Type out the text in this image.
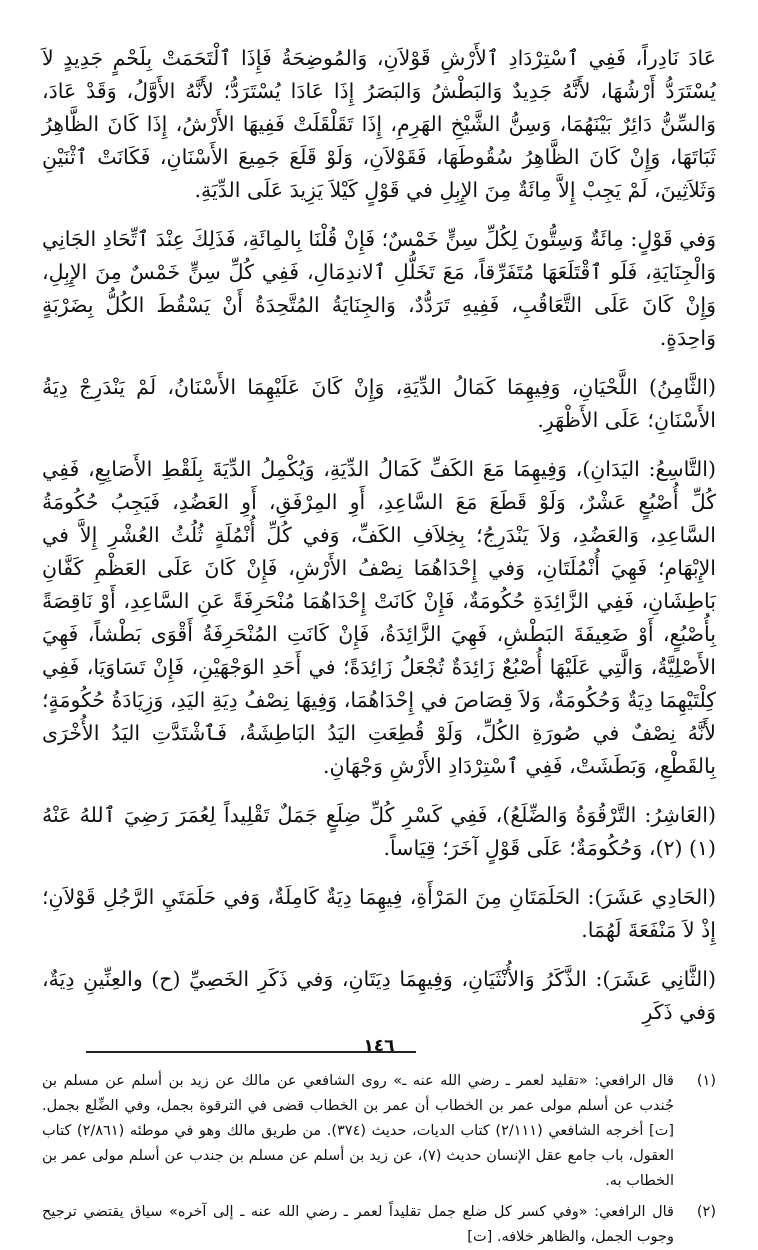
عَادَ نَادِراً، فَفِي ٱسْتِرْدَادِ ٱلأَرْشِ قَوْلاَنِ، وَالمُوضِحَةُ فَإِذَا ٱلْتَحَمَتْ بِلَحْمٍ جَدِيدٍ لاَ يُسْتَرَدُّ أَرْشُهَا، لأَنَّهُ جَدِيدٌ وَالبَطْشُ وَالبَصَرُ إِذَا عَادَا يُسْتَرَدُّ؛ لأَنَّهُ الأَوَّلُ، وَقَدْ عَادَ، وَالسِّنُّ دَائِرٌ بَيْنَهُمَا، وَسِنُّ الشَّيْخِ الهَرِمِ، إِذَا تَقَلْقَلَتْ فَفِيهَا الأَرْشُ، إِذَا كَانَ الظَّاهِرُ ثَبَاتَهَا، وَإِنْ كَانَ الظَّاهِرُ سُقُوطَهَا، فَقَوْلاَنِ، وَلَوْ قَلَعَ جَمِيعَ الأَسْنَانِ، فَكَانَتْ ٱثْنَيْنِ وَثَلاَثِينَ، لَمْ يَجِبْ إِلاَّ مِائَةٌ مِنَ الإِبِلِ في قَوْلٍ كَيْلاَ يَزِيدَ عَلَى الدِّيَةِ.

وَفي قَوْلٍ: مِائَةٌ وَسِتُّونَ لِكُلِّ سِنٍّ خَمْسٌ؛ فَإِنْ قُلْنَا بِالمِائَةِ، فَذَلِكَ عِنْدَ ٱتِّحَادِ الجَانِي وَالْجِنَايَةِ، فَلَو ٱقْتَلَعَهَا مُتَفَرِّقاً، مَعَ تَخَلُّلِ ٱلاندِمَالِ، فَفِي كُلِّ سِنٍّ خَمْسٌ مِنَ الإِبِلِ، وَإِنْ كَانَ عَلَى التَّعَاقُبِ، فَفِيهِ تَرَدُّدٌ، وَالجِنَايَةُ المُتَّحِدَةُ أَنْ يَسْقُطَ الكُلُّ بِضَرْبَةٍ وَاحِدَةٍ.

(الثَّامِنُ) اللَّحْيَانِ، وَفِيهِمَا كَمَالُ الدِّيَةِ، وَإِنْ كَانَ عَلَيْهِمَا الأَسْنَانُ، لَمْ يَنْدَرِجْ دِيَةُ الأَسْنَانِ؛ عَلَى الأَظْهَرِ.

(التَّاسِعُ: اليَدَانِ)، وَفِيهِمَا مَعَ الكَفِّ كَمَالُ الدِّيَةِ، وَيُكْمِلُ الدِّيَةَ بِلَقْطِ الأَصَابِعِ، فَفِي كُلِّ أُصْبُعٍ عَشْرٌ، وَلَوْ قَطَعَ مَعَ السَّاعِدِ، أَوِ المِرْفَقِ، أَوِ العَضُدِ، فَيَجِبُ حُكُومَةُ السَّاعِدِ، وَالعَضُدِ، وَلاَ يَنْدَرِجُ؛ بِخِلاَفِ الكَفِّ، وَفي كُلِّ أُنْمُلَةٍ ثُلُثُ العُشْرِ إِلاَّ في الإِبْهَامِ؛ فَهِيَ أُنْمُلَتَانِ، وَفي إِحْدَاهُمَا نِصْفُ الأَرْشِ، فَإِنْ كَانَ عَلَى العَظْمِ كَفَّانِ بَاطِشَانِ، فَفِي الزَّائِدَةِ حُكُومَةٌ، فَإِنْ كَانَتْ إِحْدَاهُمَا مُنْحَرِفَةً عَنِ السَّاعِدِ، أَوْ نَاقِصَةً بِأُصْبُعٍ، أَوْ ضَعِيفَةَ البَطْشِ، فَهِيَ الزَّائِدَةُ، فَإِنْ كَانَتِ المُنْحَرِفَةُ أَقْوَى بَطْشاً، فَهِيَ الأَصْلِيَّةُ، وَالَّتِي عَلَيْهَا أُصْبُعٌ زَائِدَةٌ تُجْعَلُ زَائِدَةً؛ في أَحَدِ الوَجْهَيْنِ، فَإِنْ تَسَاوَيَا، فَفِي كِلْتَيْهِمَا دِيَةٌ وَحُكُومَةٌ، وَلاَ قِصَاصَ في إِحْدَاهُمَا، وَفِيهَا نِصْفُ دِيَةِ اليَدِ، وَزِيَادَةُ حُكُومَةٍ؛ لأَنَّهُ نِصْفٌ في صُورَةِ الكُلِّ، وَلَوْ قُطِعَتِ اليَدُ البَاطِشَةُ، فَٱشْتَدَّتِ اليَدُ الأُخْرَى بِالقَطْعِ، وَبَطَشَتْ، فَفِي ٱسْتِرْدَادِ الأَرْشِ وَجْهَانِ.

(العَاشِرُ: التَّرْقُوَةُ وَالضِّلَعُ)، فَفِي كَسْرِ كُلِّ ضِلَعٍ جَمَلٌ تَقْلِيداً لِعُمَرَ رَضِيَ ٱللهُ عَنْهُ (١) (٢)، وَحُكُومَةٌ؛ عَلَى قَوْلٍ آخَرَ؛ قِيَاساً.

(الحَادِي عَشَرَ): الحَلَمَتَانِ مِنَ المَرْأَةِ، فِيهِمَا دِيَةٌ كَامِلَةٌ، وَفي حَلَمَتَيِ الرَّجُلِ قَوْلاَنِ؛ إِذْ لاَ مَنْفَعَةَ لَهُمَا.

(الثَّانِي عَشَرَ): الذَّكَرُ وَالأُنْثَيَانِ، وَفِيهِمَا دِيَتَانِ، وَفي ذَكَرِ الخَصِيِّ (ح) والعِنِّينِ دِيَةٌ، وَفي ذَكَرِ

(١)
قال الرافعي: «تقليد لعمر ـ رضي الله عنه ـ» روى الشافعي عن مالك عن زيد بن أسلم عن مسلم بن جُندب عن أسلم مولى عمر بن الخطاب أن عمر بن الخطاب قضى في الترقوة بجمل، وفي الضِّلع بجمل. [ت] أخرجه الشافعي (٢/١١١) كتاب الديات، حديث (٣٧٤). من طريق مالك وهو في موطئه (٢/٨٦١) كتاب العقول، باب جامع عقل الإنسان حديث (٧)، عن زيد بن أسلم عن مسلم بن جندب عن أسلم مولى عمر بن الخطاب به.
(٢)
قال الرافعي: «وفي كسر كل ضلع جمل تقليداً لعمر ـ رضي الله عنه ـ إلى آخره» سياق يقتضي ترجيح وجوب الجمل، والظاهر خلافه. [ت]
١٤٦
